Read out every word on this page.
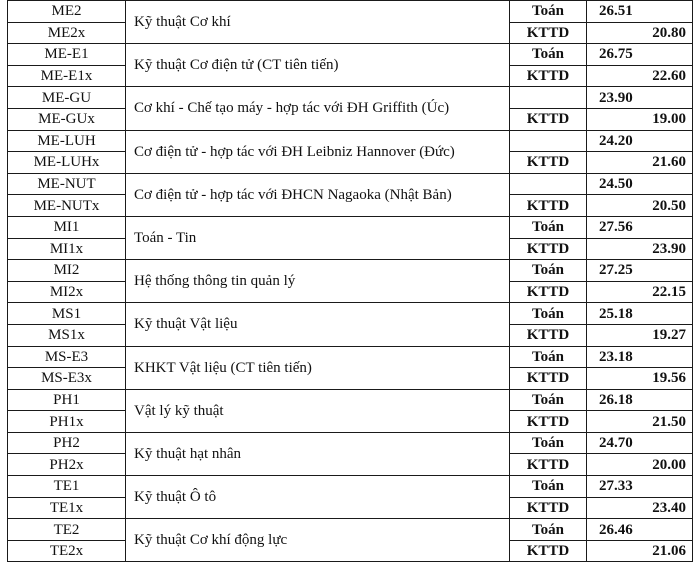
ME2	Kỹ thuật Cơ khí	Toán	26.51
ME2x		KTTD	20.80
ME-E1	Kỹ thuật Cơ điện tử (CT tiên tiến)	Toán	26.75
ME-E1x		KTTD	22.60
ME-GU	Cơ khí - Chế tạo máy - hợp tác với ĐH Griffith (Úc)		23.90
ME-GUx		KTTD	19.00
ME-LUH	Cơ điện tử - hợp tác với ĐH Leibniz Hannover (Đức)		24.20
ME-LUHx		KTTD	21.60
ME-NUT	Cơ điện tử - hợp tác với ĐHCN Nagaoka (Nhật Bản)		24.50
ME-NUTx		KTTD	20.50
MI1	Toán - Tin	Toán	27.56
MI1x		KTTD	23.90
MI2	Hệ thống thông tin quản lý	Toán	27.25
MI2x		KTTD	22.15
MS1	Kỹ thuật Vật liệu	Toán	25.18
MS1x		KTTD	19.27
MS-E3	KHKT Vật liệu (CT tiên tiến)	Toán	23.18
MS-E3x		KTTD	19.56
PH1	Vật lý kỹ thuật	Toán	26.18
PH1x		KTTD	21.50
PH2	Kỹ thuật hạt nhân	Toán	24.70
PH2x		KTTD	20.00
TE1	Kỹ thuật Ô tô	Toán	27.33
TE1x		KTTD	23.40
TE2	Kỹ thuật Cơ khí động lực	Toán	26.46
TE2x		KTTD	21.06
